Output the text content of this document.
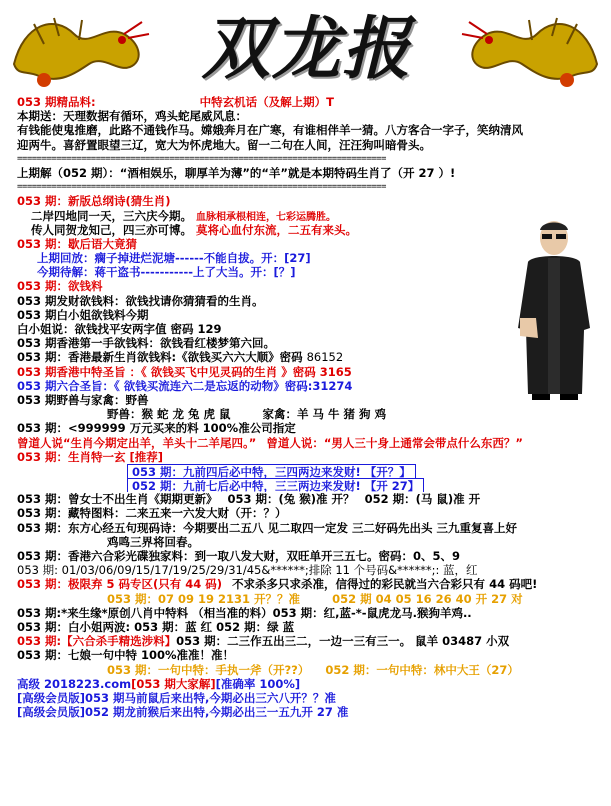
双龙报
053 期精品料:	中特玄机话（及解上期）T
本期送：天理数据有循环，鸡头蛇尾威风息：
有钱能使鬼推磨，此路不通钱作马。嫦娥奔月在广寒，有谁相伴羊一猜。八方客合一字子，笑纳清风
迎两牛。喜舒置眼望三辽，宽大为怀虎地大。留一二句在人间，汪汪狗叫暗骨头。
===========================================================================
上期解（052 期）：“酒相娱乐，聊厚羊为薄”的“羊”就是本期特码生肖了（开 27 ）!
===========================================================================
053 期：新版总纲诗(猜生肖)
二岸四地同一天，三六庆今期。 血脉相承根相连，七彩运腾胜。
传人同贺龙知己，四三亦可博。 莫将心血付东流，二五有来头。
053 期：歇后语大竟猜
上期回放：瘸子掉进烂泥塘------不能自拔。开：[27]
今期待解：蒋干盗书-----------上了大当。开：[？]
053 期：欲钱料
053 期发财欲钱料：欲钱找请你猜猜看的生肖。
053 期白小姐欲钱料今期
白小姐说：欲钱找平安两字值 密码 129
053 期香港第一手欲钱料：欲钱看红楼梦第六回。
053 期：香港最新生肖欲钱料:《欲钱买六六大顺》密码 86152
053 期香港中特圣旨 ：《 欲钱买飞中见灵码的生肖 》密码 3165
053 期六合圣旨：《 欲钱买流连六二是忘返的动物》密码:31274
053 期野兽与家禽：野兽
野兽：猴 蛇 龙 兔 虎 鼠	家禽：羊 马 牛 猪 狗 鸡
053 期：<999999 万元买来的料 100%准公司指定
曾道人说“生肖今期定出羊，羊头十二羊尾四。” 曾道人说：“男人三十身上通常会带点什么东西？”
053 期：生肖特一玄 [推荐]
053 期：九前四后必中特，三四两边来发财! 【开？】
052 期：九前七后必中特，三三两边来发财! 【开 27】
053 期：曾女士不出生肖《期期更新》 053 期：(兔 猴)准 开？ 052 期：(马 鼠)准 开
053 期：藏特图料：二来五来一六发大财（开：？）
053 期：东方心经五句现码诗：今期要出二五八 见二取四一定发 三二好码先出头 三九重复喜上好
鸡鸣三界将回春。
053 期：香港六合彩光碟独家料：到一取八发大财，双旺单开三五七。密码：0、5、9
053 期: 01/03/06/09/15/17/19/25/29/31/45&******;排除 11 个号码&******;: 蓝，红
053 期：极限弃 5 码专区(只有 44 码) 不求杀多只求杀准，信得过的彩民就当六合彩只有 44 码吧!
053 期：07 09 19 2131 开？？准	052 期 04 05 16 26 40 开 27 对
053 期:*来生缘*原创八肖中特料 （相当准的料）053 期：红,蓝-*-鼠虎龙马.猴狗羊鸡..
053 期：白小姐两波: 053 期：蓝 红 052 期：绿 蓝
053 期:【六合杀手精选涉料】053 期：二三作五出三二，一边一三有三一。 鼠羊 03487 小双
053 期：七娘一句中特 100%准准！准！
053 期：一句中特：手执一斧（开??） 052 期：一句中特：林中大王（27）
高级 2018223.com[053 期大家解][准确率 100%]
[高级会员版]053 期马前鼠后来出特,今期必出三六八开？？准
[高级会员版]052 期龙前猴后来出特,今期必出三一五九开 27 准
